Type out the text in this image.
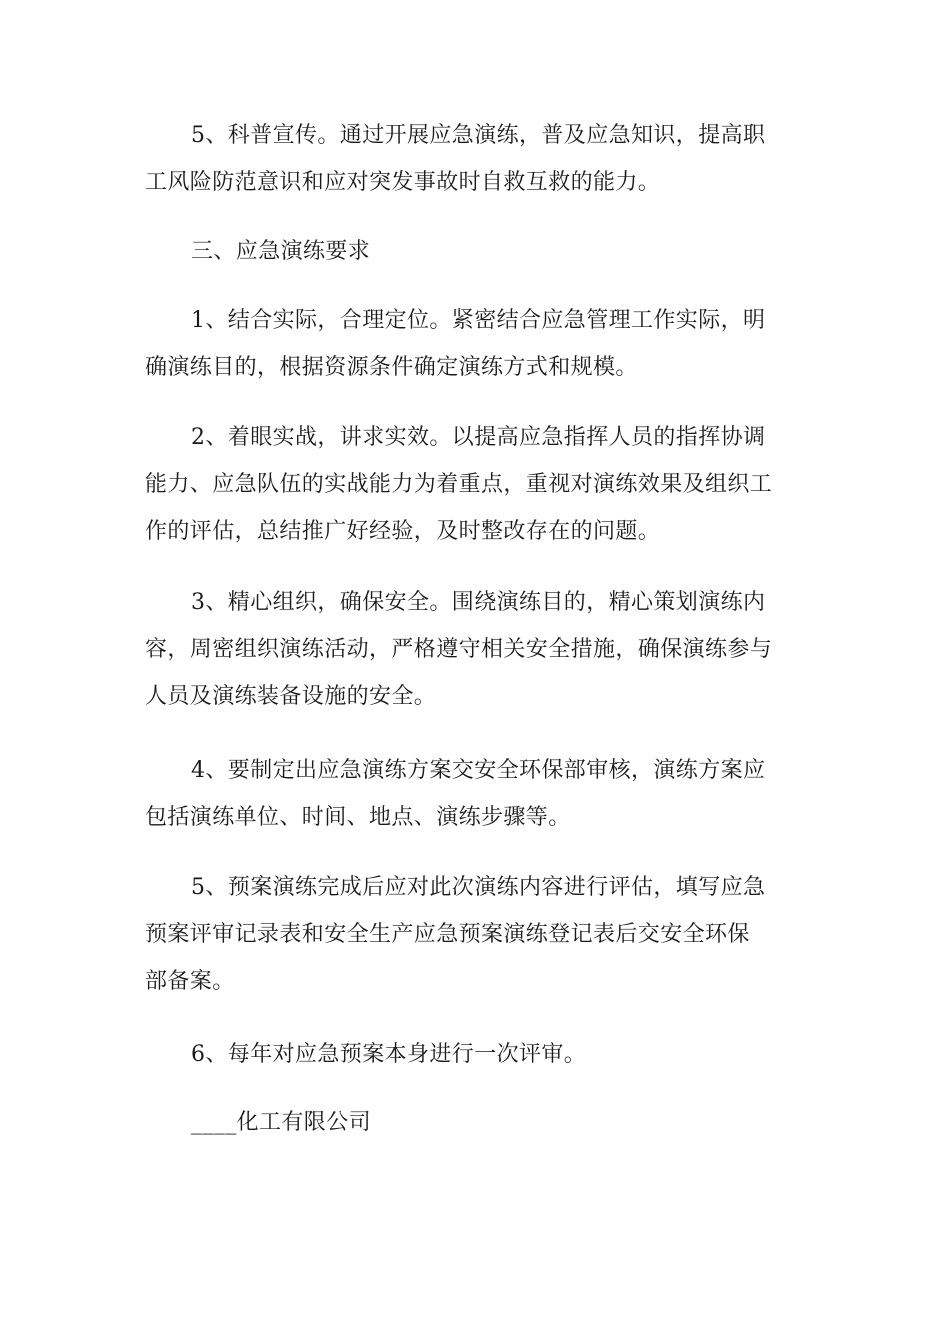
5、科普宣传。通过开展应急演练，普及应急知识，提高职
工风险防范意识和应对突发事故时自救互救的能力。

三、应急演练要求

1、结合实际，合理定位。紧密结合应急管理工作实际，明
确演练目的，根据资源条件确定演练方式和规模。

2、着眼实战，讲求实效。以提高应急指挥人员的指挥协调
能力、应急队伍的实战能力为着重点，重视对演练效果及组织工
作的评估，总结推广好经验，及时整改存在的问题。

3、精心组织，确保安全。围绕演练目的，精心策划演练内
容，周密组织演练活动，严格遵守相关安全措施，确保演练参与
人员及演练装备设施的安全。

4、要制定出应急演练方案交安全环保部审核，演练方案应
包括演练单位、时间、地点、演练步骤等。

5、预案演练完成后应对此次演练内容进行评估，填写应急
预案评审记录表和安全生产应急预案演练登记表后交安全环保
部备案。

6、每年对应急预案本身进行一次评审。

____化工有限公司
